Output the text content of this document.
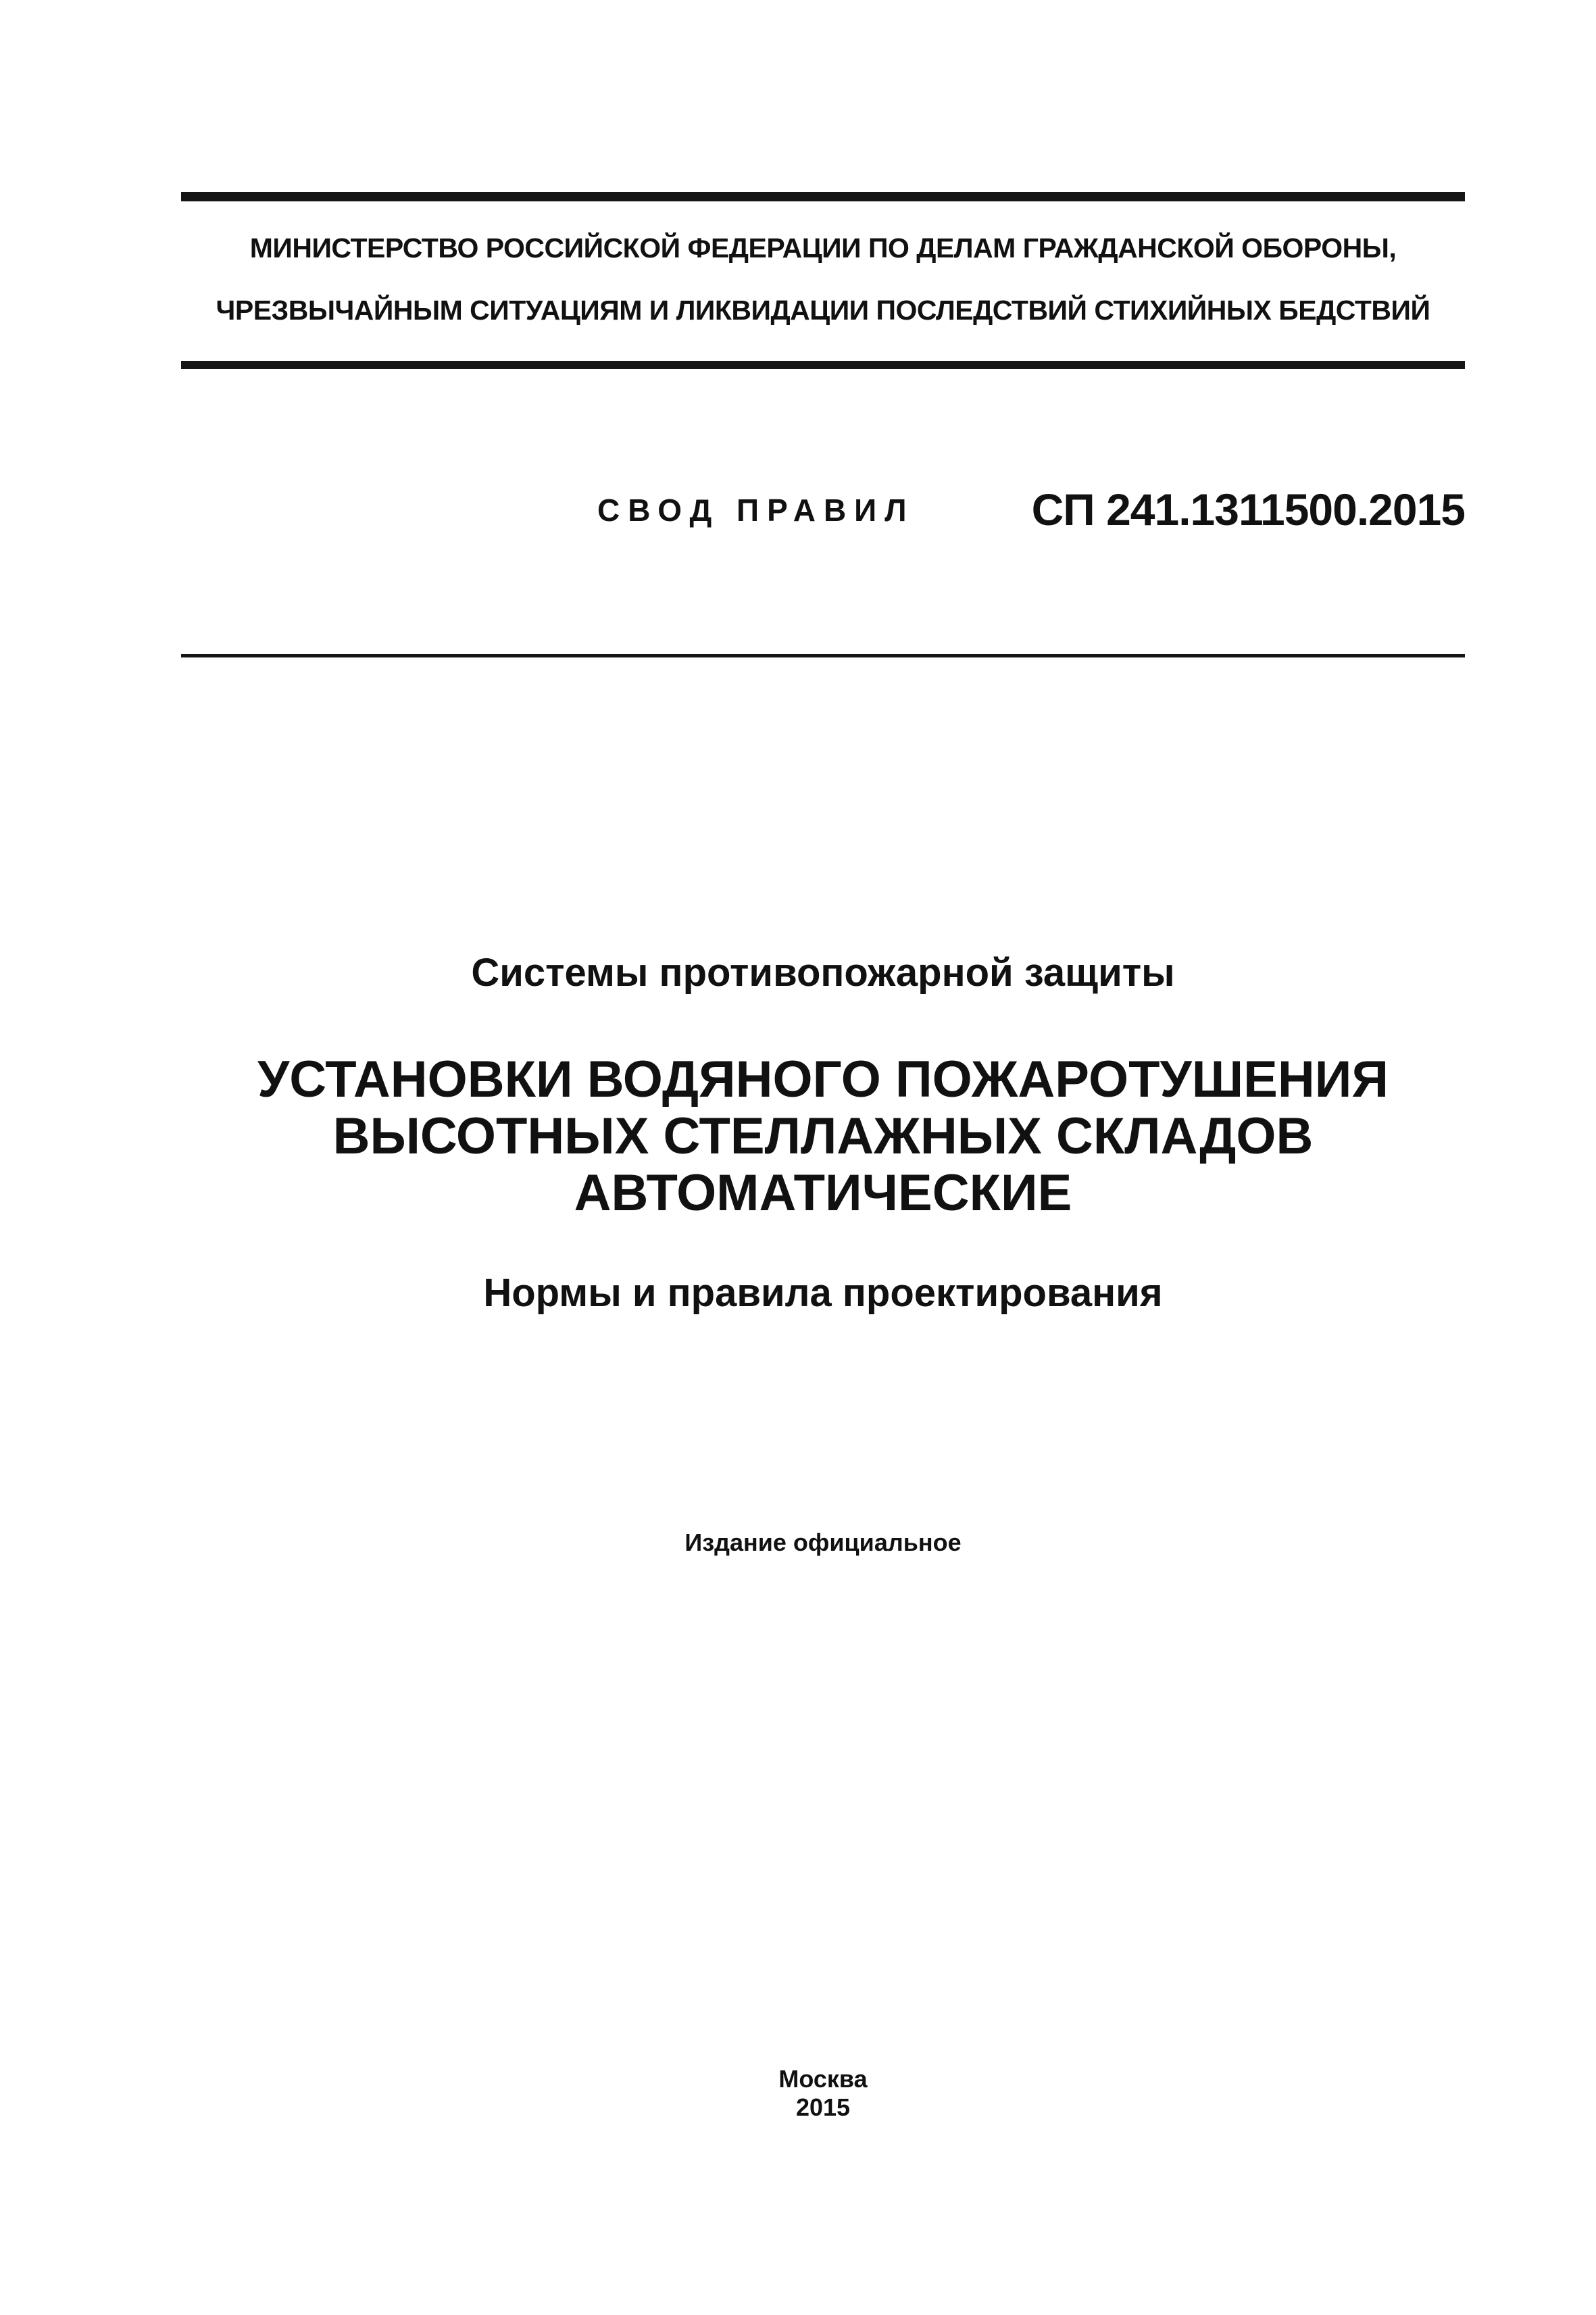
МИНИСТЕРСТВО РОССИЙСКОЙ ФЕДЕРАЦИИ ПО ДЕЛАМ ГРАЖДАНСКОЙ ОБОРОНЫ,
ЧРЕЗВЫЧАЙНЫМ СИТУАЦИЯМ И ЛИКВИДАЦИИ ПОСЛЕДСТВИЙ СТИХИЙНЫХ БЕДСТВИЙ
СВОД ПРАВИЛ	СП 241.1311500.2015
Системы противопожарной защиты
УСТАНОВКИ ВОДЯНОГО ПОЖАРОТУШЕНИЯ
ВЫСОТНЫХ СТЕЛЛАЖНЫХ СКЛАДОВ
АВТОМАТИЧЕСКИЕ
Нормы и правила проектирования
Издание официальное
Москва
2015
